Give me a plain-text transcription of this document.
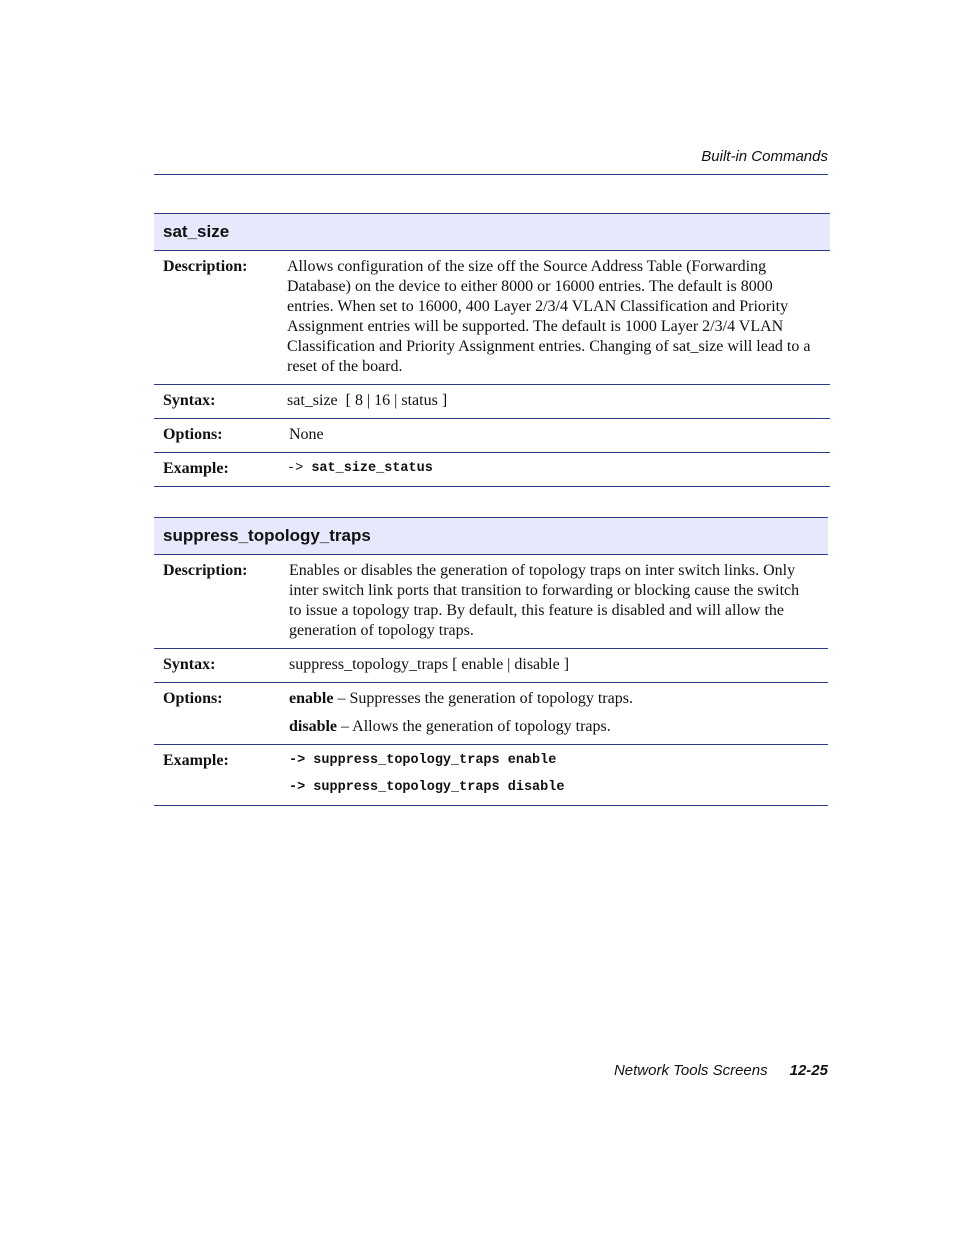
Built-in Commands
sat_size	
Description:	Allows configuration of the size off the Source Address Table (Forwarding Database) on the device to either 8000 or 16000 entries. The default is 8000 entries. When set to 16000, 400 Layer 2/3/4 VLAN Classification and Priority Assignment entries will be supported. The default is 1000 Layer 2/3/4 VLAN Classification and Priority Assignment entries. Changing of sat_size will lead to a reset of the board.
Syntax:	sat_size  [ 8 | 16 | status ]
Options:	None
Example:	-> sat_size_status
suppress_topology_traps	
Description:	Enables or disables the generation of topology traps on inter switch links. Only inter switch link ports that transition to forwarding or blocking cause the switch to issue a topology trap. By default, this feature is disabled and will allow the generation of topology traps.
Syntax:	suppress_topology_traps [ enable | disable ]
Options:	enable – Suppresses the generation of topology traps.
disable – Allows the generation of topology traps.

Example:	-> suppress_topology_traps enable
-> suppress_topology_traps disable
Network Tools Screens 12-25
